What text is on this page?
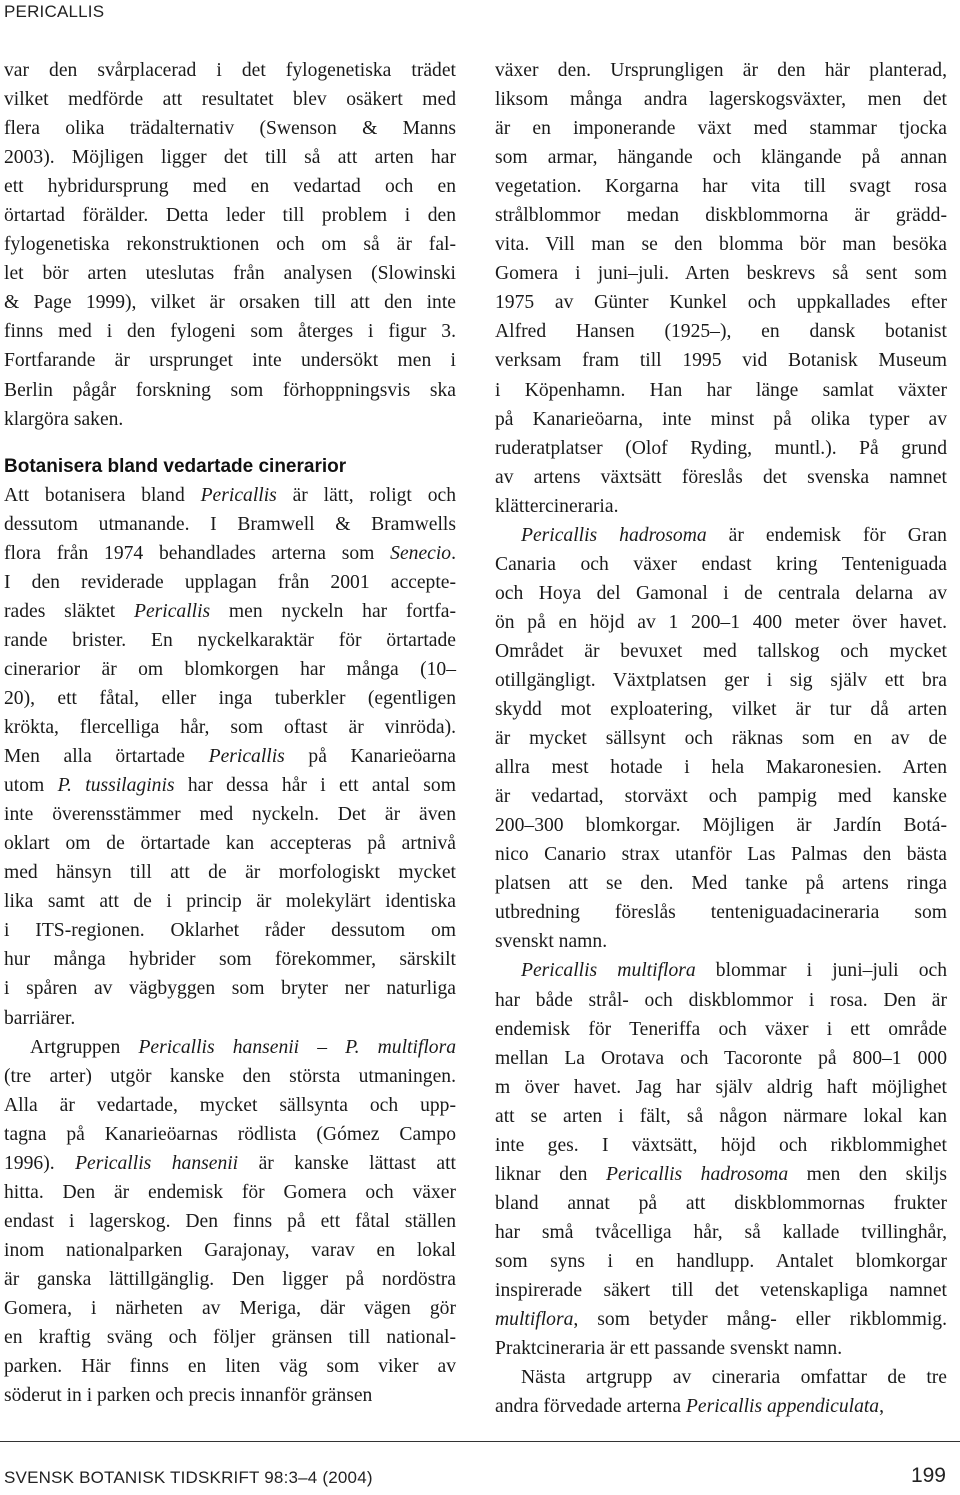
PERICALLIS
var den svårplacerad i det fylogenetiska trädet
vilket medförde att resultatet blev osäkert med
flera olika trädalternativ (Swenson & Manns
2003). Möjligen ligger det till så att arten har
ett hybridursprung med en vedartad och en
örtartad förälder. Detta leder till problem i den
fylogenetiska rekonstruktionen och om så är fal-
let bör arten uteslutas från analysen (Slowinski
& Page 1999), vilket är orsaken till att den inte
finns med i den fylogeni som återges i figur 3.
Fortfarande är ursprunget inte undersökt men i
Berlin pågår forskning som förhoppningsvis ska
klargöra saken.
Botanisera bland vedartade cinerarior
Att botanisera bland Pericallis är lätt, roligt och
dessutom utmanande. I Bramwell & Bramwells
flora från 1974 behandlades arterna som Senecio.
I den reviderade upplagan från 2001 accepte-
rades släktet Pericallis men nyckeln har fortfa-
rande brister. En nyckelkaraktär för örtartade
cinerarior är om blomkorgen har många (10–
20), ett fåtal, eller inga tuberkler (egentligen
krökta, flercelliga hår, som oftast är vinröda).
Men alla örtartade Pericallis på Kanarieöarna
utom P. tussilaginis har dessa hår i ett antal som
inte överensstämmer med nyckeln. Det är även
oklart om de örtartade kan accepteras på artnivå
med hänsyn till att de är morfologiskt mycket
lika samt att de i princip är molekylärt identiska
i ITS-regionen. Oklarhet råder dessutom om
hur många hybrider som förekommer, särskilt
i spåren av vägbyggen som bryter ner naturliga
barriärer.
Artgruppen Pericallis hansenii – P. multiflora
(tre arter) utgör kanske den största utmaningen.
Alla är vedartade, mycket sällsynta och upp-
tagna på Kanarieöarnas rödlista (Gómez Campo
1996). Pericallis hansenii är kanske lättast att
hitta. Den är endemisk för Gomera och växer
endast i lagerskog. Den finns på ett fåtal ställen
inom nationalparken Garajonay, varav en lokal
är ganska lättillgänglig. Den ligger på nordöstra
Gomera, i närheten av Meriga, där vägen gör
en kraftig sväng och följer gränsen till national-
parken. Här finns en liten väg som viker av
söderut in i parken och precis innanför gränsen
växer den. Ursprungligen är den här planterad,
liksom många andra lagerskogsväxter, men det
är en imponerande växt med stammar tjocka
som armar, hängande och klängande på annan
vegetation. Korgarna har vita till svagt rosa
strålblommor medan diskblommorna är grädd-
vita. Vill man se den blomma bör man besöka
Gomera i juni–juli. Arten beskrevs så sent som
1975 av Günter Kunkel och uppkallades efter
Alfred Hansen (1925–), en dansk botanist
verksam fram till 1995 vid Botanisk Museum
i Köpenhamn. Han har länge samlat växter
på Kanarieöarna, inte minst på olika typer av
ruderatplatser (Olof Ryding, muntl.). På grund
av artens växtsätt föreslås det svenska namnet
klättercineraria.
Pericallis hadrosoma är endemisk för Gran
Canaria och växer endast kring Tenteniguada
och Hoya del Gamonal i de centrala delarna av
ön på en höjd av 1 200–1 400 meter över havet.
Området är bevuxet med tallskog och mycket
otillgängligt. Växtplatsen ger i sig själv ett bra
skydd mot exploatering, vilket är tur då arten
är mycket sällsynt och räknas som en av de
allra mest hotade i hela Makaronesien. Arten
är vedartad, storväxt och pampig med kanske
200–300 blomkorgar. Möjligen är Jardín Botá-
nico Canario strax utanför Las Palmas den bästa
platsen att se den. Med tanke på artens ringa
utbredning föreslås tenteniguadacineraria som
svenskt namn.
Pericallis multiflora blommar i juni–juli och
har både strål- och diskblommor i rosa. Den är
endemisk för Teneriffa och växer i ett område
mellan La Orotava och Tacoronte på 800–1 000
m över havet. Jag har själv aldrig haft möjlighet
att se arten i fält, så någon närmare lokal kan
inte ges. I växtsätt, höjd och rikblommighet
liknar den Pericallis hadrosoma men den skiljs
bland annat på att diskblommornas frukter
har små tvåcelliga hår, så kallade tvillinghår,
som syns i en handlupp. Antalet blomkorgar
inspirerade säkert till det vetenskapliga namnet
multiflora, som betyder mång- eller rikblommig.
Praktcineraria är ett passande svenskt namn.
Nästa artgrupp av cineraria omfattar de tre
andra förvedade arterna Pericallis appendiculata,
SVENSK BOTANISK TIDSKRIFT 98:3–4 (2004)	199
